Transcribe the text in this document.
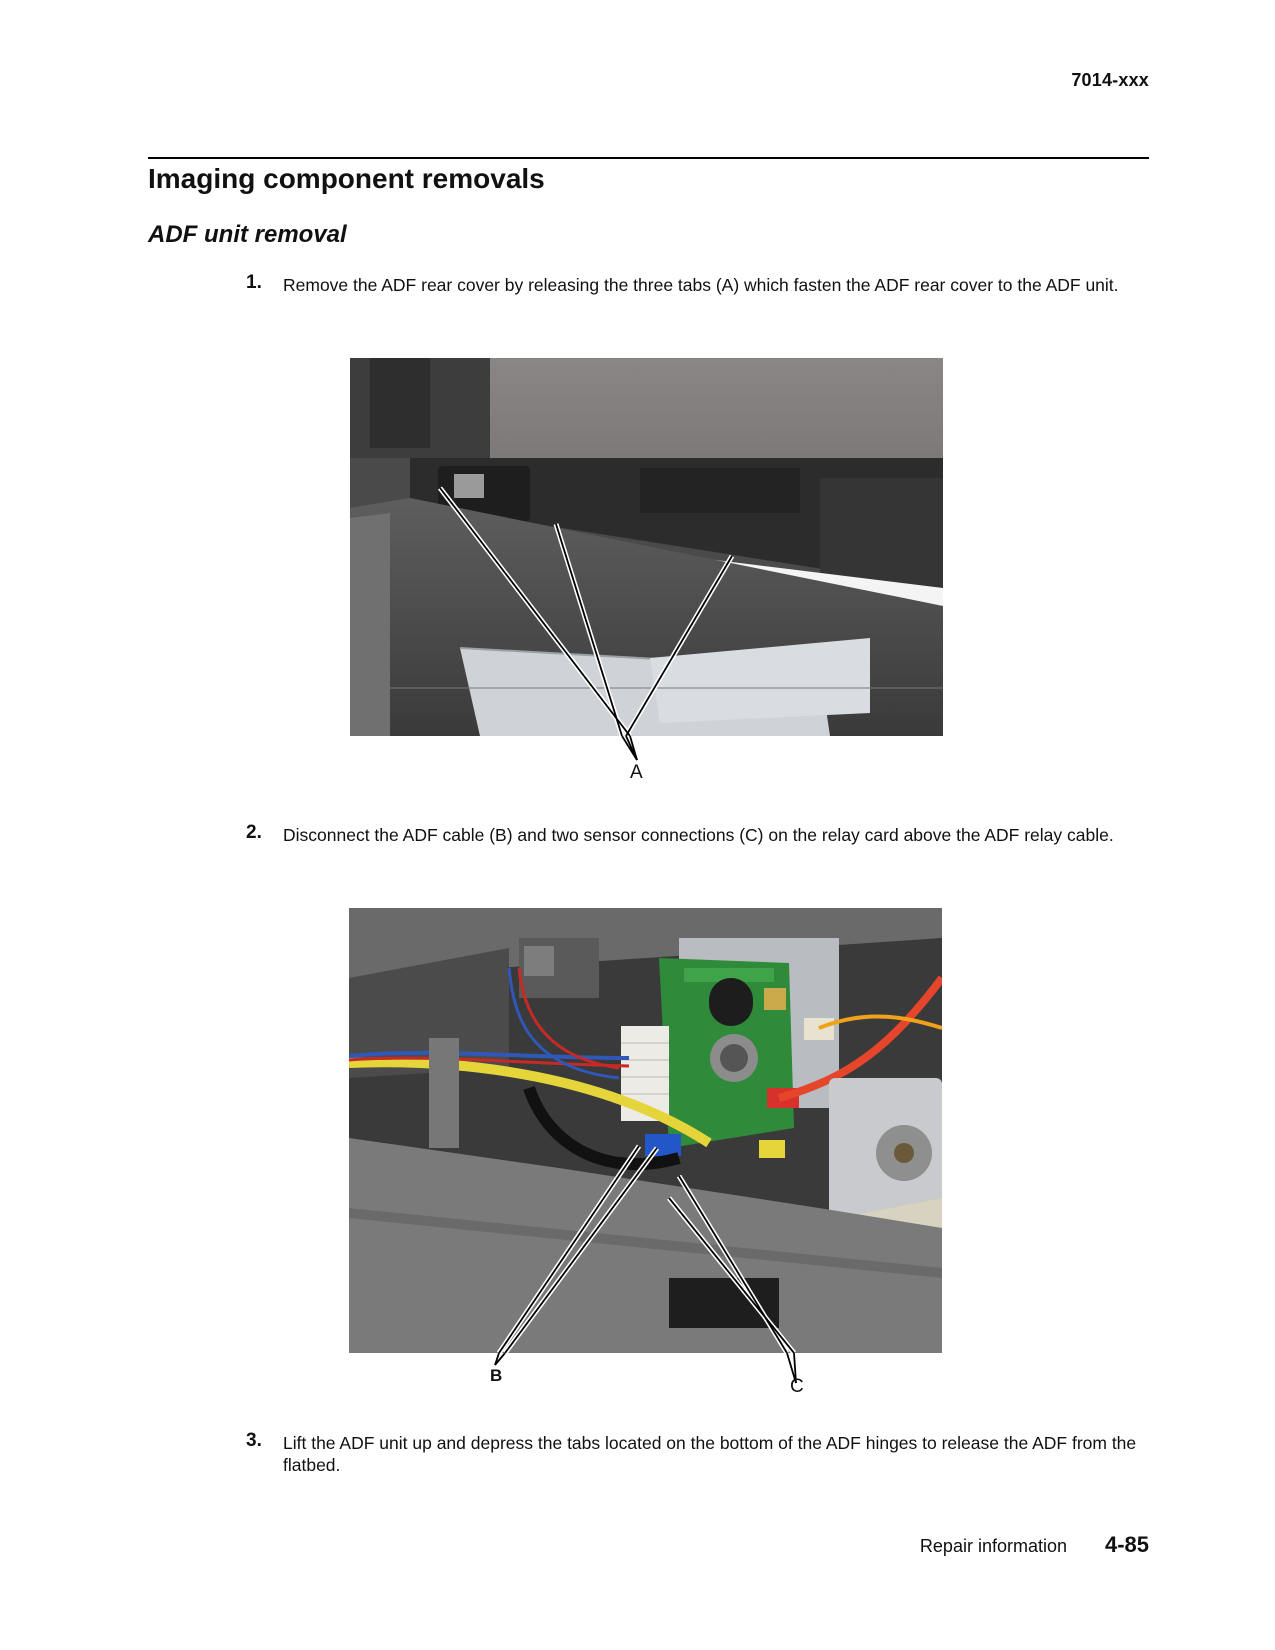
7014-xxx
Imaging component removals
ADF unit removal
1. Remove the ADF rear cover by releasing the three tabs (A) which fasten the ADF rear cover to the ADF unit.
A
2. Disconnect the ADF cable (B) and two sensor connections (C) on the relay card above the ADF relay cable.
B
C
3. Lift the ADF unit up and depress the tabs located on the bottom of the ADF hinges to release the ADF from the flatbed.
Repair information 4-85
